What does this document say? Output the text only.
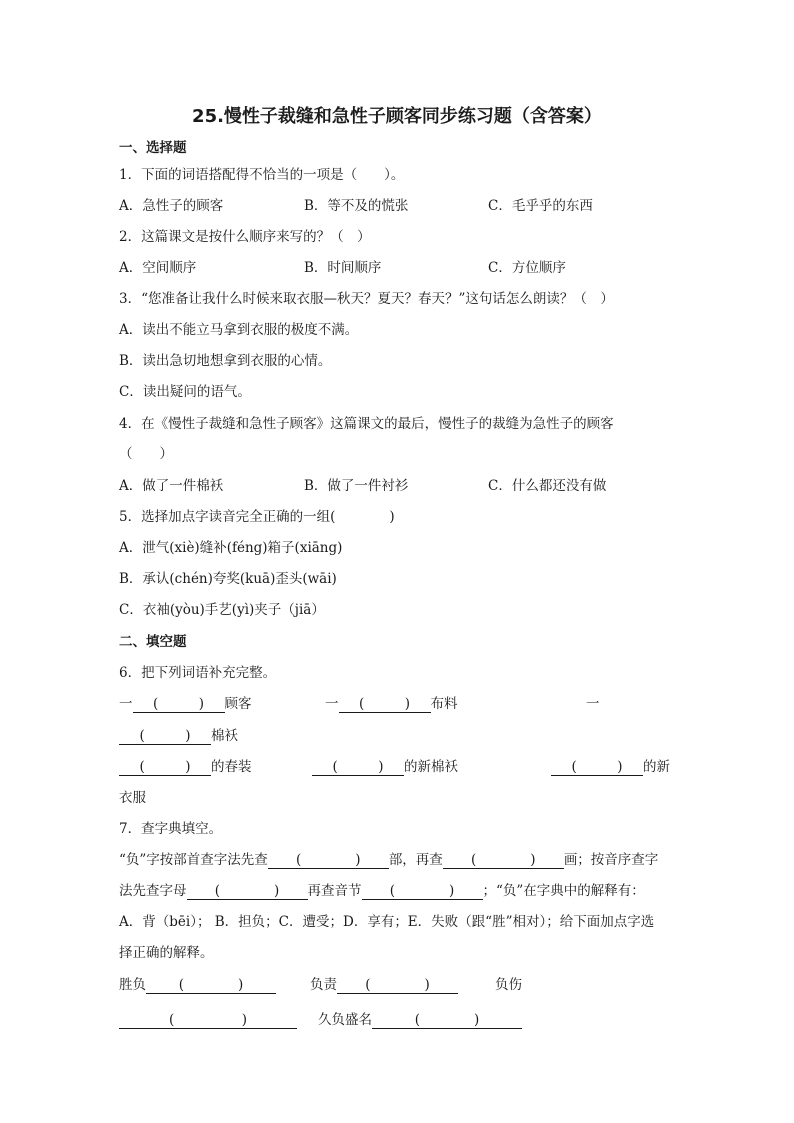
25.慢性子裁缝和急性子顾客同步练习题（含答案）
一、选择题
1．下面的词语搭配得不恰当的一项是（　　）。
A．急性子的顾客	B．等不及的慌张	C．毛乎乎的东西
2．这篇课文是按什么顺序来写的？（　）
A．空间顺序	B．时间顺序	C．方位顺序
3．“您准备让我什么时候来取衣服—秋天？夏天？春天？”这句话怎么朗读？（　）
A．读出不能立马拿到衣服的极度不满。
B．读出急切地想拿到衣服的心情。
C．读出疑问的语气。
4．在《慢性子裁缝和急性子顾客》这篇课文的最后，慢性子的裁缝为急性子的顾客
（　　）
A．做了一件棉袄	B．做了一件衬衫	C．什么都还没有做
5．选择加点字读音完全正确的一组(　　　　)
A．泄气(xiè)缝补(féng)箱子(xiāng)
B．承认(chén)夸奖(kuā)歪头(wāi)
C．衣袖(yòu)手艺(yì)夹子（jiā）
二、填空题
6．把下列词语补充完整。
一 (　　　) 顾客	一 (　　　) 布料	一
(　　　) 棉袄
(　　　) 的春装	(　　　) 的新棉袄	(　　　) 的新
衣服
7．查字典填空。
“负”字按部首查字法先查 (　　　　) 部，再查 (　　　　) 画；按音序查字
法先查字母 (　　　　) 再查音节 (　　　　) ；“负”在字典中的解释有：
A．背（bēi）； B．担负；C．遭受；D．享有；E．失败（跟“胜”相对）；给下面加点字选
择正确的解释。
胜负 (　　　　)	负责 (　　　　)	负伤
(　　　　　)	久负盛名	(　　　　)
